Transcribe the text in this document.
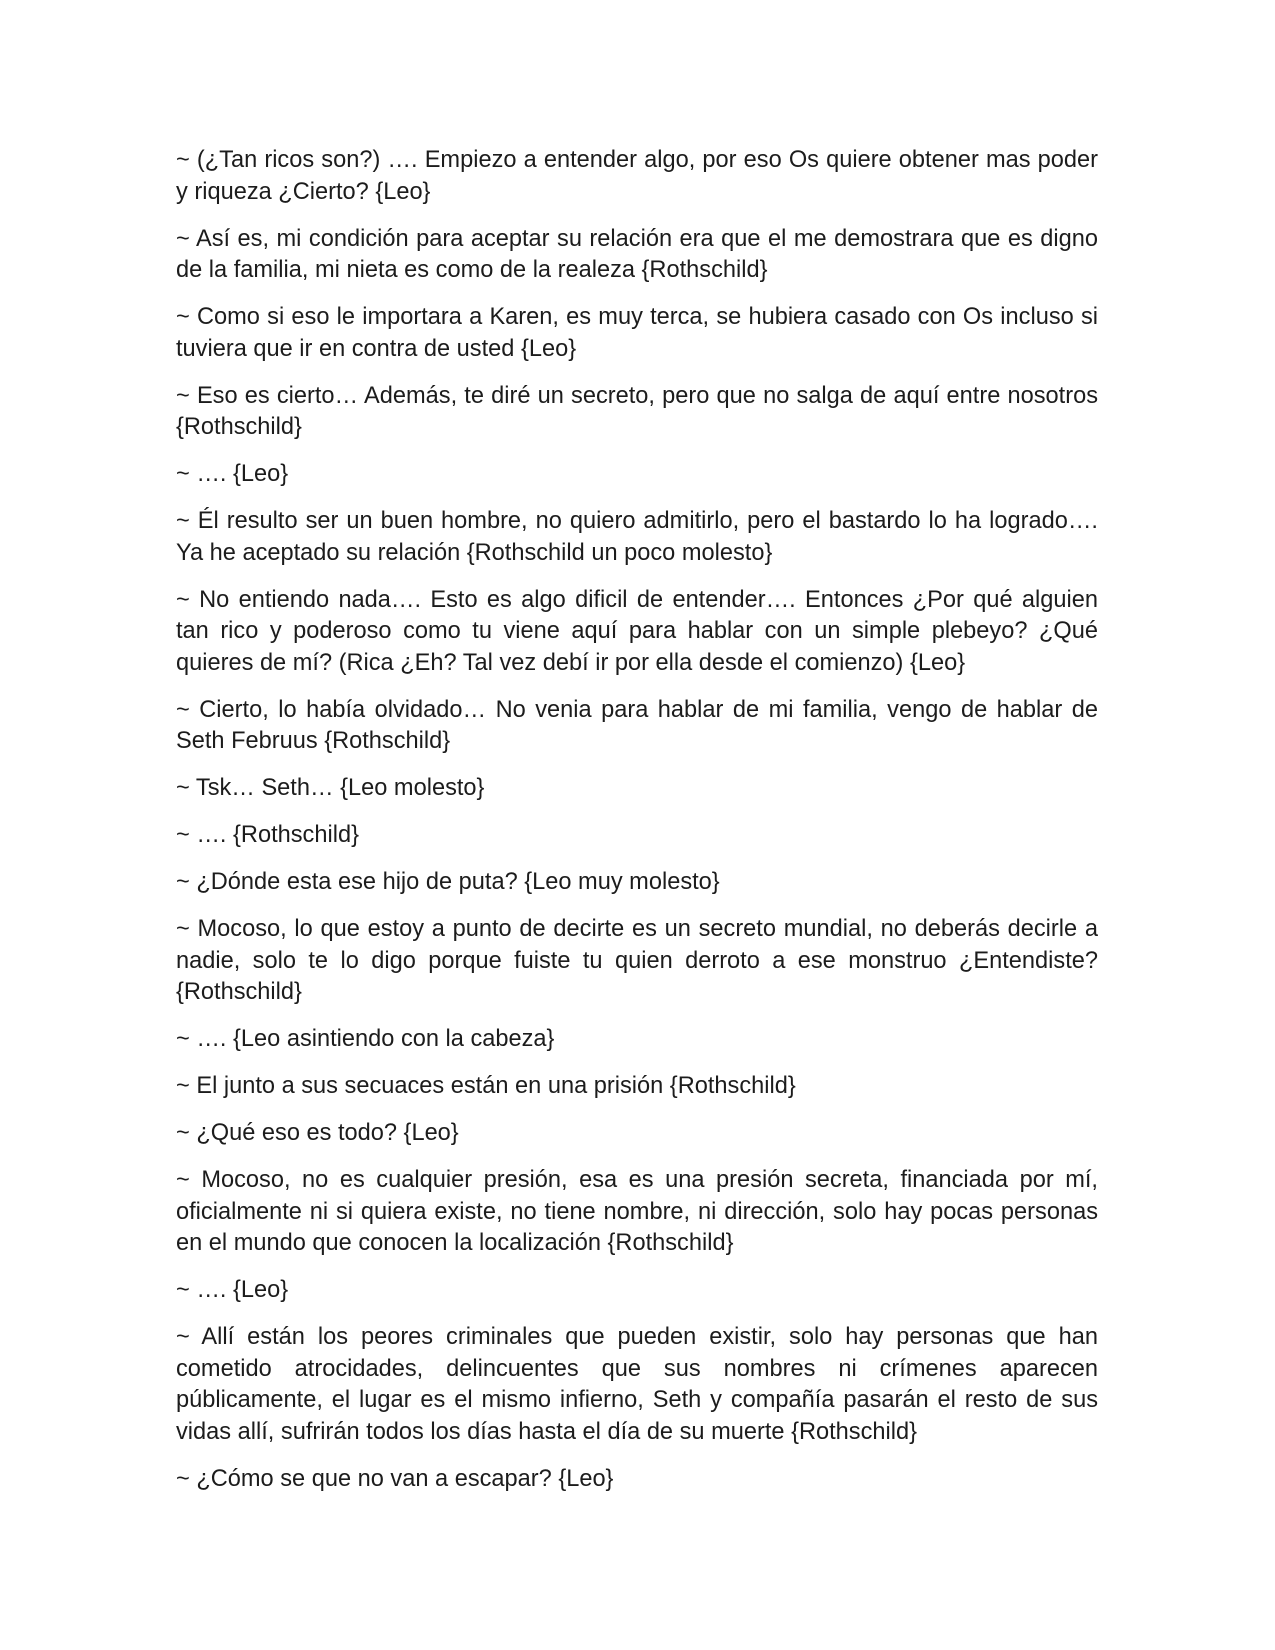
~ (¿Tan ricos son?) …. Empiezo a entender algo, por eso Os quiere obtener mas poder y riqueza ¿Cierto? {Leo}

~ Así es, mi condición para aceptar su relación era que el me demostrara que es digno de la familia, mi nieta es como de la realeza {Rothschild}

~ Como si eso le importara a Karen, es muy terca, se hubiera casado con Os incluso si tuviera que ir en contra de usted {Leo}

~ Eso es cierto… Además, te diré un secreto, pero que no salga de aquí entre nosotros {Rothschild}

~ …. {Leo}

~ Él resulto ser un buen hombre, no quiero admitirlo, pero el bastardo lo ha logrado…. Ya he aceptado su relación {Rothschild un poco molesto}

~ No entiendo nada…. Esto es algo dificil de entender…. Entonces ¿Por qué alguien tan rico y poderoso como tu viene aquí para hablar con un simple plebeyo? ¿Qué quieres de mí? (Rica ¿Eh? Tal vez debí ir por ella desde el comienzo) {Leo}

~ Cierto, lo había olvidado… No venia para hablar de mi familia, vengo de hablar de Seth Februus {Rothschild}

~ Tsk… Seth… {Leo molesto}

~ …. {Rothschild}

~ ¿Dónde esta ese hijo de puta? {Leo muy molesto}

~ Mocoso, lo que estoy a punto de decirte es un secreto mundial, no deberás decirle a nadie, solo te lo digo porque fuiste tu quien derroto a ese monstruo ¿Entendiste? {Rothschild}

~ …. {Leo asintiendo con la cabeza}

~ El junto a sus secuaces están en una prisión {Rothschild}

~ ¿Qué eso es todo? {Leo}

~ Mocoso, no es cualquier presión, esa es una presión secreta, financiada por mí, oficialmente ni si quiera existe, no tiene nombre, ni dirección, solo hay pocas personas en el mundo que conocen la localización {Rothschild}

~ …. {Leo}

~ Allí están los peores criminales que pueden existir, solo hay personas que han cometido atrocidades, delincuentes que sus nombres ni crímenes aparecen públicamente, el lugar es el mismo infierno, Seth y compañía pasarán el resto de sus vidas allí, sufrirán todos los días hasta el día de su muerte {Rothschild}

~ ¿Cómo se que no van a escapar? {Leo}
